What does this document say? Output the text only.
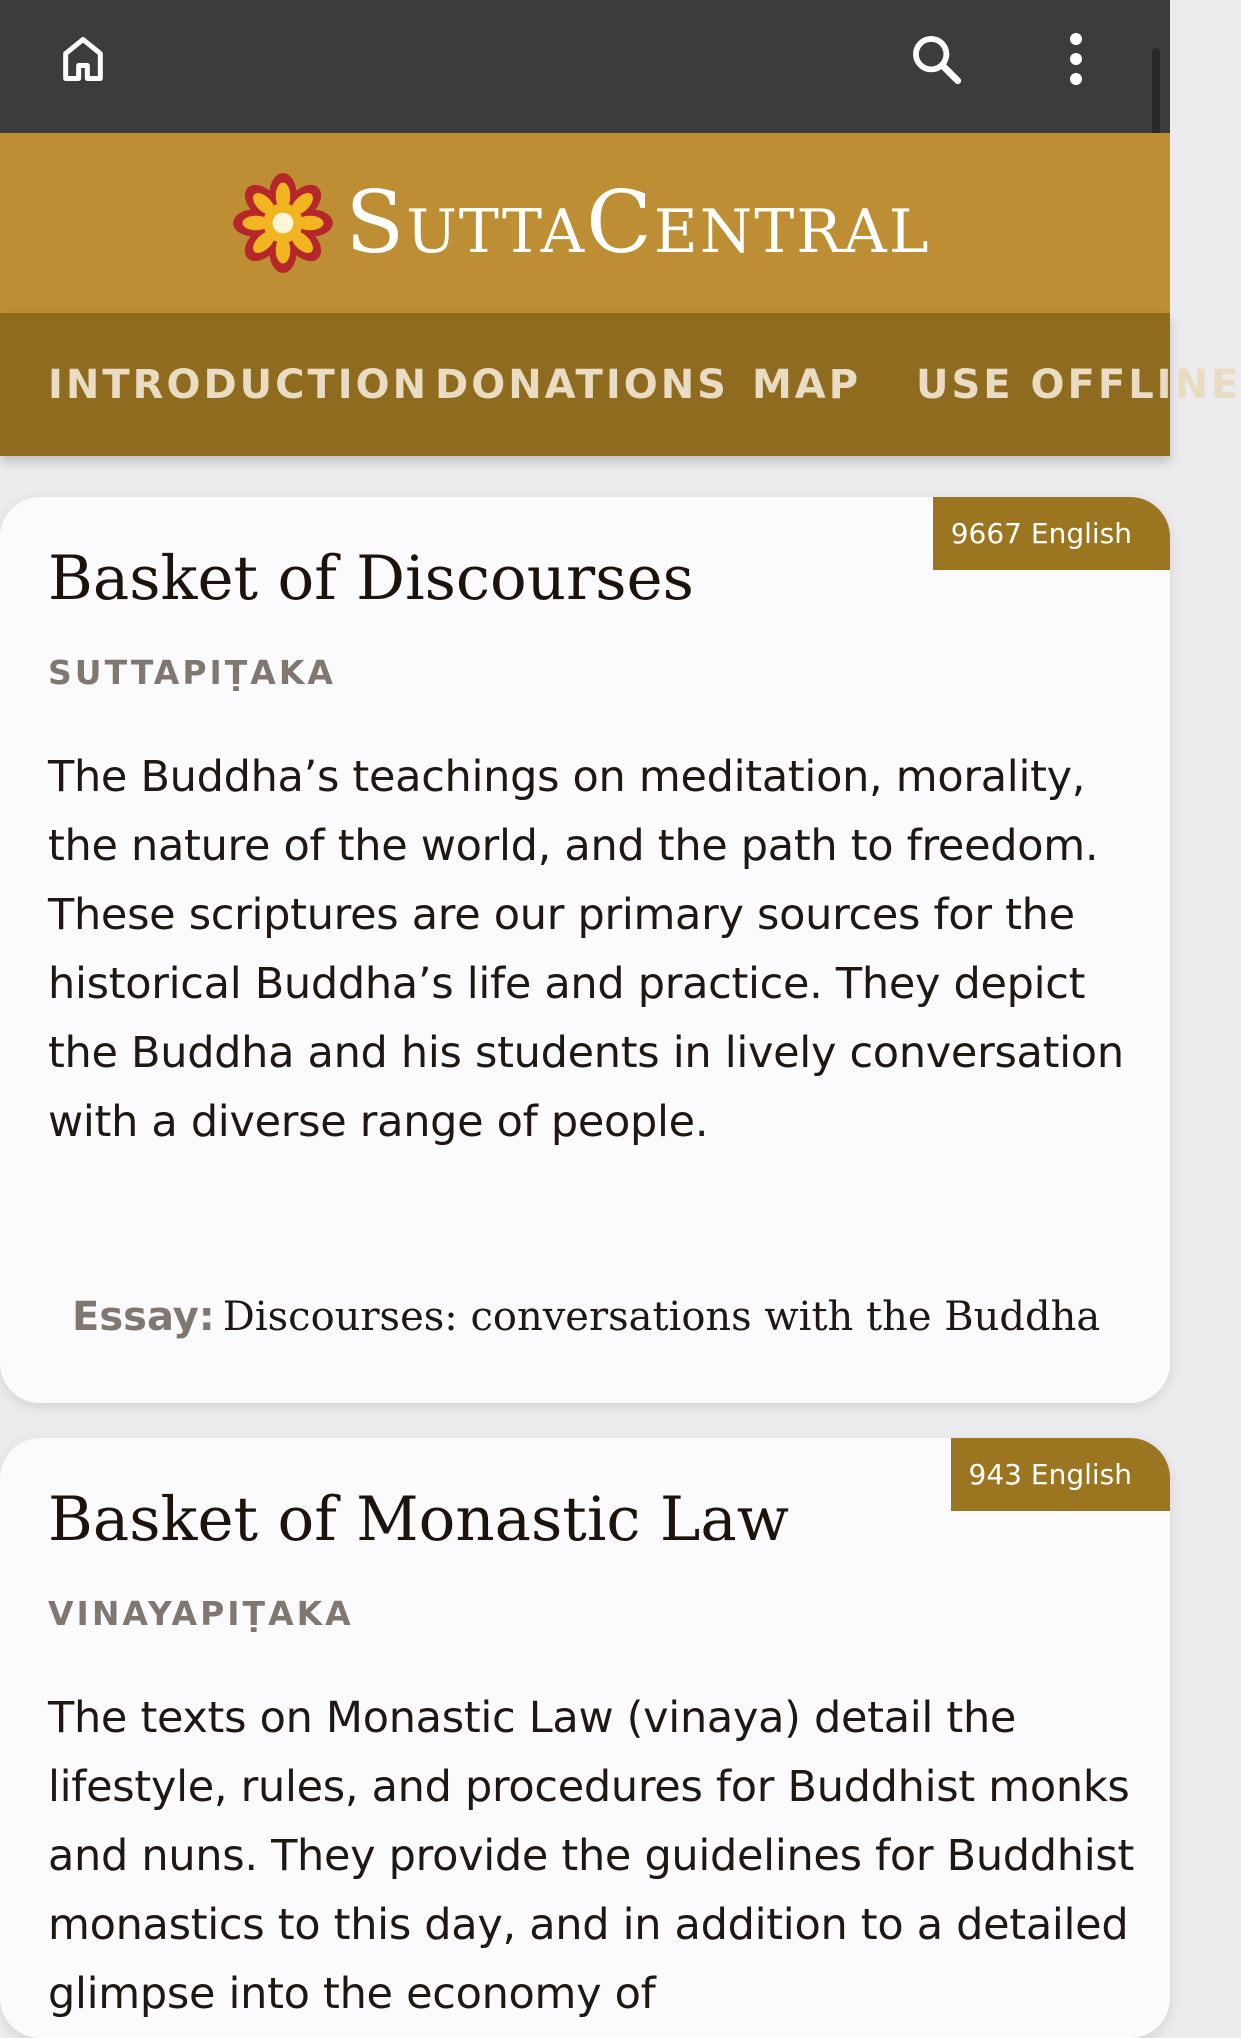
SuttaCentral
INTRODUCTION DONATIONS MAP USE OFFLINE
9667 English
Basket of Discourses
SUTTAPIṬAKA

The Buddha’s teachings on meditation, morality, the nature of the world, and the path to freedom. These scriptures are our primary sources for the historical Buddha’s life and practice. They depict the Buddha and his students in lively conversation with a diverse range of people.

Essay: Discourses: conversations with the Buddha
943 English
Basket of Monastic Law
VINAYAPIṬAKA

The texts on Monastic Law (vinaya) detail the lifestyle, rules, and procedures for Buddhist monks and nuns. They provide the guidelines for Buddhist monastics to this day, and in addition to a detailed glimpse into the economy of
